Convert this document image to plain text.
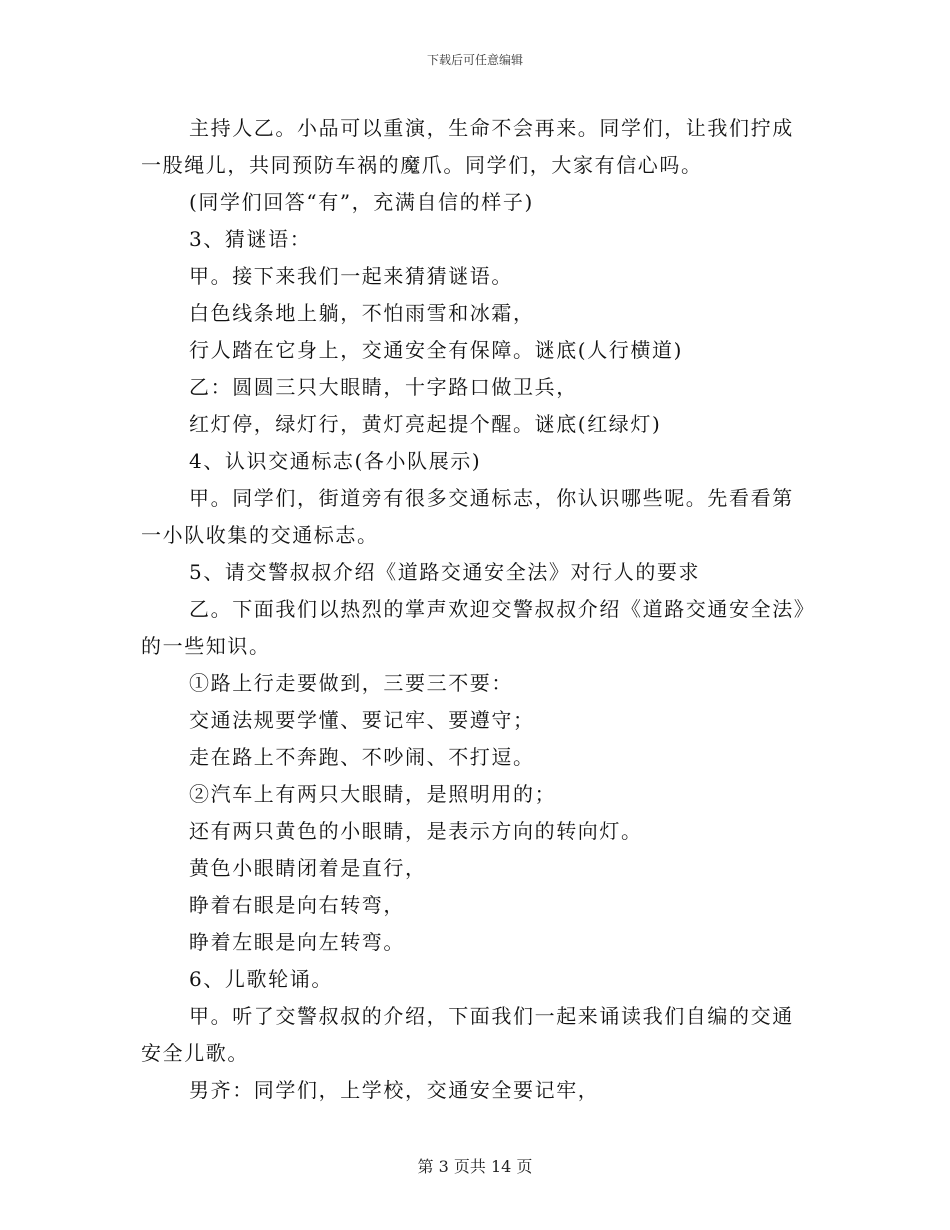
下载后可任意编辑

主持人乙。小品可以重演，生命不会再来。同学们，让我们拧成一股绳儿，共同预防车祸的魔爪。同学们，大家有信心吗。

(同学们回答“有”，充满自信的样子)

3、猜谜语：

甲。接下来我们一起来猜猜谜语。

白色线条地上躺，不怕雨雪和冰霜，

行人踏在它身上，交通安全有保障。谜底(人行横道)

乙：圆圆三只大眼睛，十字路口做卫兵，

红灯停，绿灯行，黄灯亮起提个醒。谜底(红绿灯)

4、认识交通标志(各小队展示)

甲。同学们，街道旁有很多交通标志，你认识哪些呢。先看看第一小队收集的交通标志。

5、请交警叔叔介绍《道路交通安全法》对行人的要求

乙。下面我们以热烈的掌声欢迎交警叔叔介绍《道路交通安全法》的一些知识。

①路上行走要做到，三要三不要：

交通法规要学懂、要记牢、要遵守；

走在路上不奔跑、不吵闹、不打逗。

②汽车上有两只大眼睛，是照明用的；

还有两只黄色的小眼睛，是表示方向的转向灯。

黄色小眼睛闭着是直行，

睁着右眼是向右转弯，

睁着左眼是向左转弯。

6、儿歌轮诵。

甲。听了交警叔叔的介绍，下面我们一起来诵读我们自编的交通安全儿歌。

男齐：同学们，上学校，交通安全要记牢，

第 3 页共 14 页
